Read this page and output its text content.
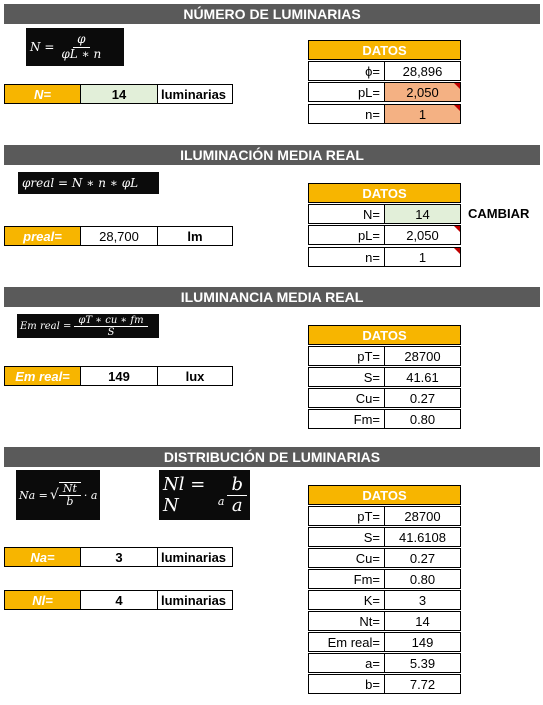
NÚMERO DE LUMINARIAS
$N = \frac{\varphi}{\varphi L ∗ n}$
N=	14	luminarias
DATOS
ϕ=	28,896
pL=	2,050
n=	1
ILUMINACIÓN MEDIA REAL
φreal = N ∗ n ∗ φL
preal=	28,700	lm
DATOS
N=	14
pL=	2,050
n=	1
CAMBIAR
ILUMINANCIA MEDIA REAL
Em real = $\frac{\varphi T ∗ cu ∗ fm}{S}$
Em real=	149	lux
DATOS
pT=	28700
S=	41.61
Cu=	0.27
Fm=	0.80
DISTRIBUCIÓN DE LUMINARIAS
Na = √ $\frac{Nt}{b} \cdot a$	Nl = N	a $\frac{b}{a}$
Na=	3	luminarias
Nl=	4	luminarias
DATOS
pT=	28700
S=	41.6108
Cu=	0.27
Fm=	0.80
K=	3
Nt=	14
Em real=	149
a=	5.39
b=	7.72
